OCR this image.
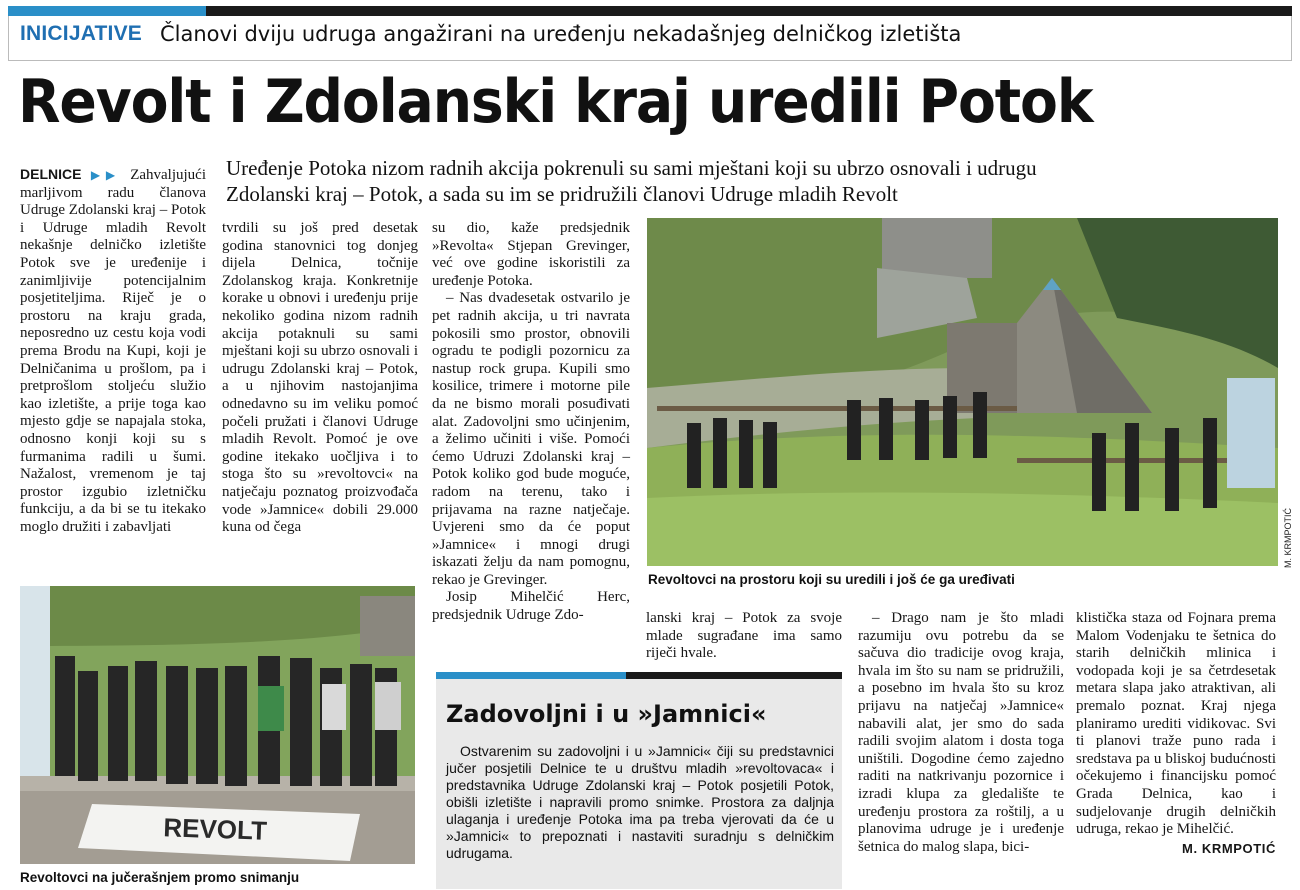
INICIJATIVE Članovi dviju udruga angažirani na uređenju nekadašnjeg delničkog izletišta
Revolt i Zdolanski kraj uredili Potok
Uređenje Potoka nizom radnih akcija pokrenuli su sami mještani koji su ubrzo osnovali i udrugu
Zdolanski kraj – Potok, a sada su im se pridružili članovi Udruge mladih Revolt

DELNICE ▶▶ Zahvaljujući marljivom radu članova Udruge Zdolanski kraj – Potok i Udruge mladih Revolt nekašnje delničko izletište Potok sve je uređenije i zanimljivije potencijalnim posjetiteljima. Riječ je o prostoru na kraju grada, neposredno uz cestu koja vodi prema Brodu na Kupi, koji je Delničanima u prošlom, pa i pretprošlom stoljeću služio kao izletište, a prije toga kao mjesto gdje se napajala stoka, odnosno konji koji su s furmanima radili u šumi. Nažalost, vremenom je taj prostor izgubio izletničku funkciju, a da bi se tu itekako moglo družiti i zabavljati

tvrdili su još pred desetak godina stanovnici tog donjeg dijela Delnica, točnije Zdolanskog kraja. Konkretnije korake u obnovi i uređenju prije nekoliko godina nizom radnih akcija potaknuli su sami mještani koji su ubrzo osnovali i udrugu Zdolanski kraj – Potok, a u njihovim nastojanjima odnedavno su im veliku pomoć počeli pružati i članovi Udruge mladih Revolt. Pomoć je ove godine itekako uočljiva i to stoga što su »revoltovci« na natječaju poznatog proizvođača vode »Jamnice« dobili 29.000 kuna od čega

su dio, kaže predsjednik »Revolta« Stjepan Grevinger, već ove godine iskoristili za uređenje Potoka.

– Nas dvadesetak ostvarilo je pet radnih akcija, u tri navrata pokosili smo prostor, obnovili ogradu te podigli pozornicu za nastup rock grupa. Kupili smo kosilice, trimere i motorne pile da ne bismo morali posuđivati alat. Zadovoljni smo učinjenim, a želimo učiniti i više. Pomoći ćemo Udruzi Zdolanski kraj – Potok koliko god bude moguće, radom na terenu, tako i prijavama na razne natječaje. Uvjereni smo da će poput »Jamnice« i mnogi drugi iskazati želju da nam pomognu, rekao je Grevinger.

Josip Mihelčić Herc, predsjednik Udruge Zdo-

M. KRMPOTIĆ
Revoltovci na prostoru koji su uredili i još će ga uređivati
REVOLT
Revoltovci na jučerašnjem promo snimanju

lanski kraj – Potok za svoje mlade sugrađane ima samo riječi hvale.

Zadovoljni i u »Jamnici«

Ostvarenim su zadovoljni i u »Jamnici« čiji su predstavnici jučer posjetili Delnice te u društvu mladih »revoltovaca« i predstavnika Udruge Zdolanski kraj – Potok posjetili Potok, obišli izletište i napravili promo snimke. Prostora za daljnja ulaganja i uređenje Potoka ima pa treba vjerovati da će u »Jamnici« to prepoznati i nastaviti suradnju s delničkim udrugama.

– Drago nam je što mladi razumiju ovu potrebu da se sačuva dio tradicije ovog kraja, hvala im što su nam se pridružili, a posebno im hvala što su kroz prijavu na natječaj »Jamnice« nabavili alat, jer smo do sada radili svojim alatom i dosta toga uništili. Dogodine ćemo zajedno raditi na natkrivanju pozornice i izradi klupa za gledalište te uređenju prostora za roštilj, a u planovima udruge je i uređenje šetnica do malog slapa, bici-

klistička staza od Fojnara prema Malom Vodenjaku te šetnica do starih delničkih mlinica i vodopada koji je sa četrdesetak metara slapa jako atraktivan, ali premalo poznat. Kraj njega planiramo urediti vidikovac. Svi ti planovi traže puno rada i sredstava pa u bliskoj budućnosti očekujemo i financijsku pomoć Grada Delnica, kao i sudjelovanje drugih delničkih udruga, rekao je Mihelčić.

M. KRMPOTIĆ
